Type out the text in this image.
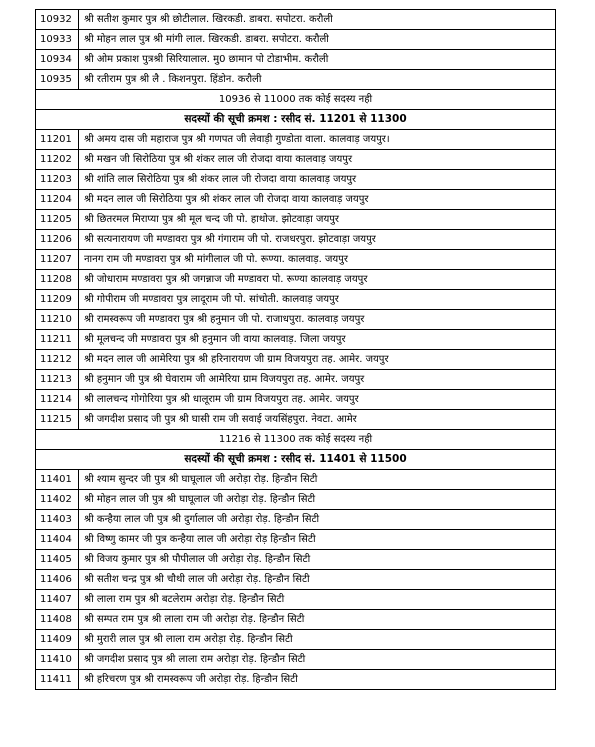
10932	श्री सतीश कुमार पुत्र श्री छोटीलाल. खिरकडी. डाबरा. सपोटरा. करौली
10933	श्री मोहन लाल पुत्र श्री मांगी लाल. खिरकडी. डाबरा. सपोटरा. करौली
10934	श्री ओम प्रकाश पुत्रश्री सिरियालाल. मु0 छामान पो टोडाभीम. करौली
10935	श्री रतीराम पुत्र श्री लै . किशनपुरा. हिंडोन. करौली
10936 से 11000 तक कोई सदस्य नही	
सदस्यों की सूची क्रमश : रसीद सं. 11201 से 11300	
11201	श्री अमय दास जी महाराज पुत्र श्री गणपत जी लेवाड़ी गुण्डोता वाला. कालवाड़ जयपुर।
11202	श्री मखन जी सिरोठिया पुत्र श्री शंकर लाल जी रोजदा वाया कालवाड़ जयपुर
11203	श्री शांति लाल सिरोठिया पुत्र श्री शंकर लाल जी रोजदा वाया कालवाड़ जयपुर
11204	श्री मदन लाल जी सिरोठिया पुत्र श्री शंकर लाल जी रोजदा वाया कालवाड़ जयपुर
11205	श्री छितरमल मिराप्या पुत्र श्री मूल चन्द जी पो. हाथोज. झोटवाड़ा जयपुर
11206	श्री सत्यनारायण जी मण्डावरा पुत्र श्री गंगाराम जी पो. राजधरपुरा. झोटवाड़ा जयपुर
11207	नानग राम जी मण्डावरा पुत्र श्री मांगीलाल जी पो. रूण्या. कालवाड़. जयपुर
11208	श्री जोधाराम मण्डावरा पुत्र श्री जगन्नाज जी मण्डावरा पो. रूण्या कालवाड़ जयपुर
11209	श्री गोपीराम जी मण्डावरा पुत्र लादूराम जी पो. सांचोती. कालवाड़ जयपुर
11210	श्री रामस्वरूप जी मण्डावरा पुत्र श्री हनुमान जी पो. राजाधपुरा. कालवाड़ जयपुर
11211	श्री मूलचन्द जी मण्डावरा पुत्र श्री हनुमान जी वाया कालवाड़. जिला जयपुर
11212	श्री मदन लाल जी आमेरिया पुत्र श्री हरिनारायण जी ग्राम विजयपुरा तह. आमेर. जयपुर
11213	श्री हनुमान जी पुत्र श्री घेवाराम जी आमेरिया ग्राम विजयपुरा तह. आमेर. जयपुर
11214	श्री लालचन्द गोगोरिया पुत्र श्री धालूराम जी ग्राम विजयपुरा तह. आमेर. जयपुर
11215	श्री जगदीश प्रसाद जी पुत्र श्री घासी राम जी सवाई जयसिंहपुरा. नेवटा. आमेर
11216 से 11300 तक कोई सदस्य नही	
सदस्यों की सूची क्रमश : रसीद सं. 11401 से 11500	
11401	श्री श्याम सुन्दर जी पुत्र श्री घाघूलाल जी अरोड़ा रोड़. हिन्डौन सिटी
11402	श्री मोहन लाल जी पुत्र श्री घाघूलाल जी अरोड़ा रोड़. हिन्डौन सिटी
11403	श्री कन्हैया लाल जी पुत्र श्री दुर्गालाल जी अरोड़ा रोड़. हिन्डौन सिटी
11404	श्री विष्णु कामर जी पुत्र कन्हैया लाल जी अरोड़ा रोड़ हिन्डौन सिटी
11405	श्री विजय कुमार पुत्र श्री पौपीलाल जी अरोड़ा रोड़. हिन्डौन सिटी
11406	श्री सतीश चन्द्र पुत्र श्री चौथी लाल जी अरोड़ा रोड़. हिन्डौन सिटी
11407	श्री लाला राम पुत्र श्री बटलेराम अरोड़ा रोड़. हिन्डौन सिटी
11408	श्री सम्पत राम पुत्र श्री लाला राम जी अरोड़ा रोड़. हिन्डौन सिटी
11409	श्री मुरारी लाल पुत्र श्री लाला राम अरोड़ा रोड़. हिन्डौन सिटी
11410	श्री जगदीश प्रसाद पुत्र श्री लाला राम अरोड़ा रोड़. हिन्डौन सिटी
11411	श्री हरिचरण पुत्र श्री रामस्वरूप जी अरोड़ा रोड़. हिन्डौन सिटी
